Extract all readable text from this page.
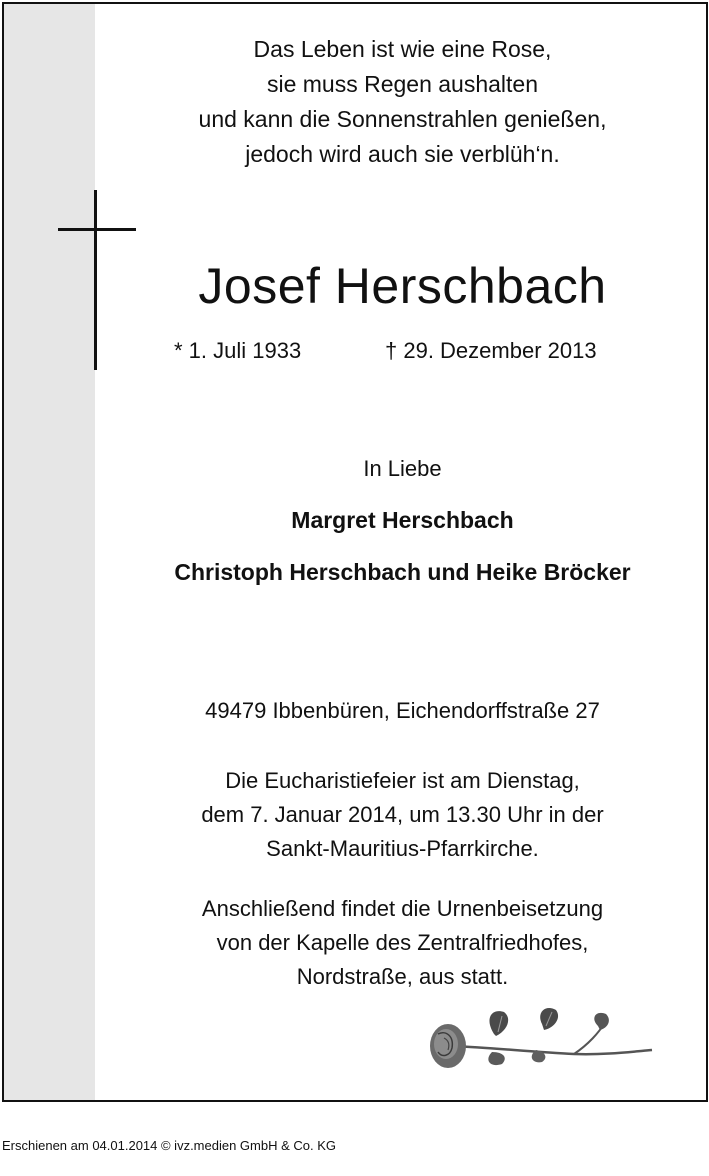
Das Leben ist wie eine Rose,
sie muss Regen aushalten
und kann die Sonnenstrahlen genießen,
jedoch wird auch sie verblüh‘n.
Josef Herschbach
* 1. Juli 1933	† 29. Dezember 2013
In Liebe
Margret Herschbach
Christoph Herschbach und Heike Bröcker
49479 Ibbenbüren, Eichendorffstraße 27
Die Eucharistiefeier ist am Dienstag,
dem 7. Januar 2014, um 13.30 Uhr in der
Sankt-Mauritius-Pfarrkirche.
Anschließend findet die Urnenbeisetzung
von der Kapelle des Zentralfriedhofes,
Nordstraße, aus statt.
Erschienen am 04.01.2014 © ivz.medien GmbH & Co. KG
